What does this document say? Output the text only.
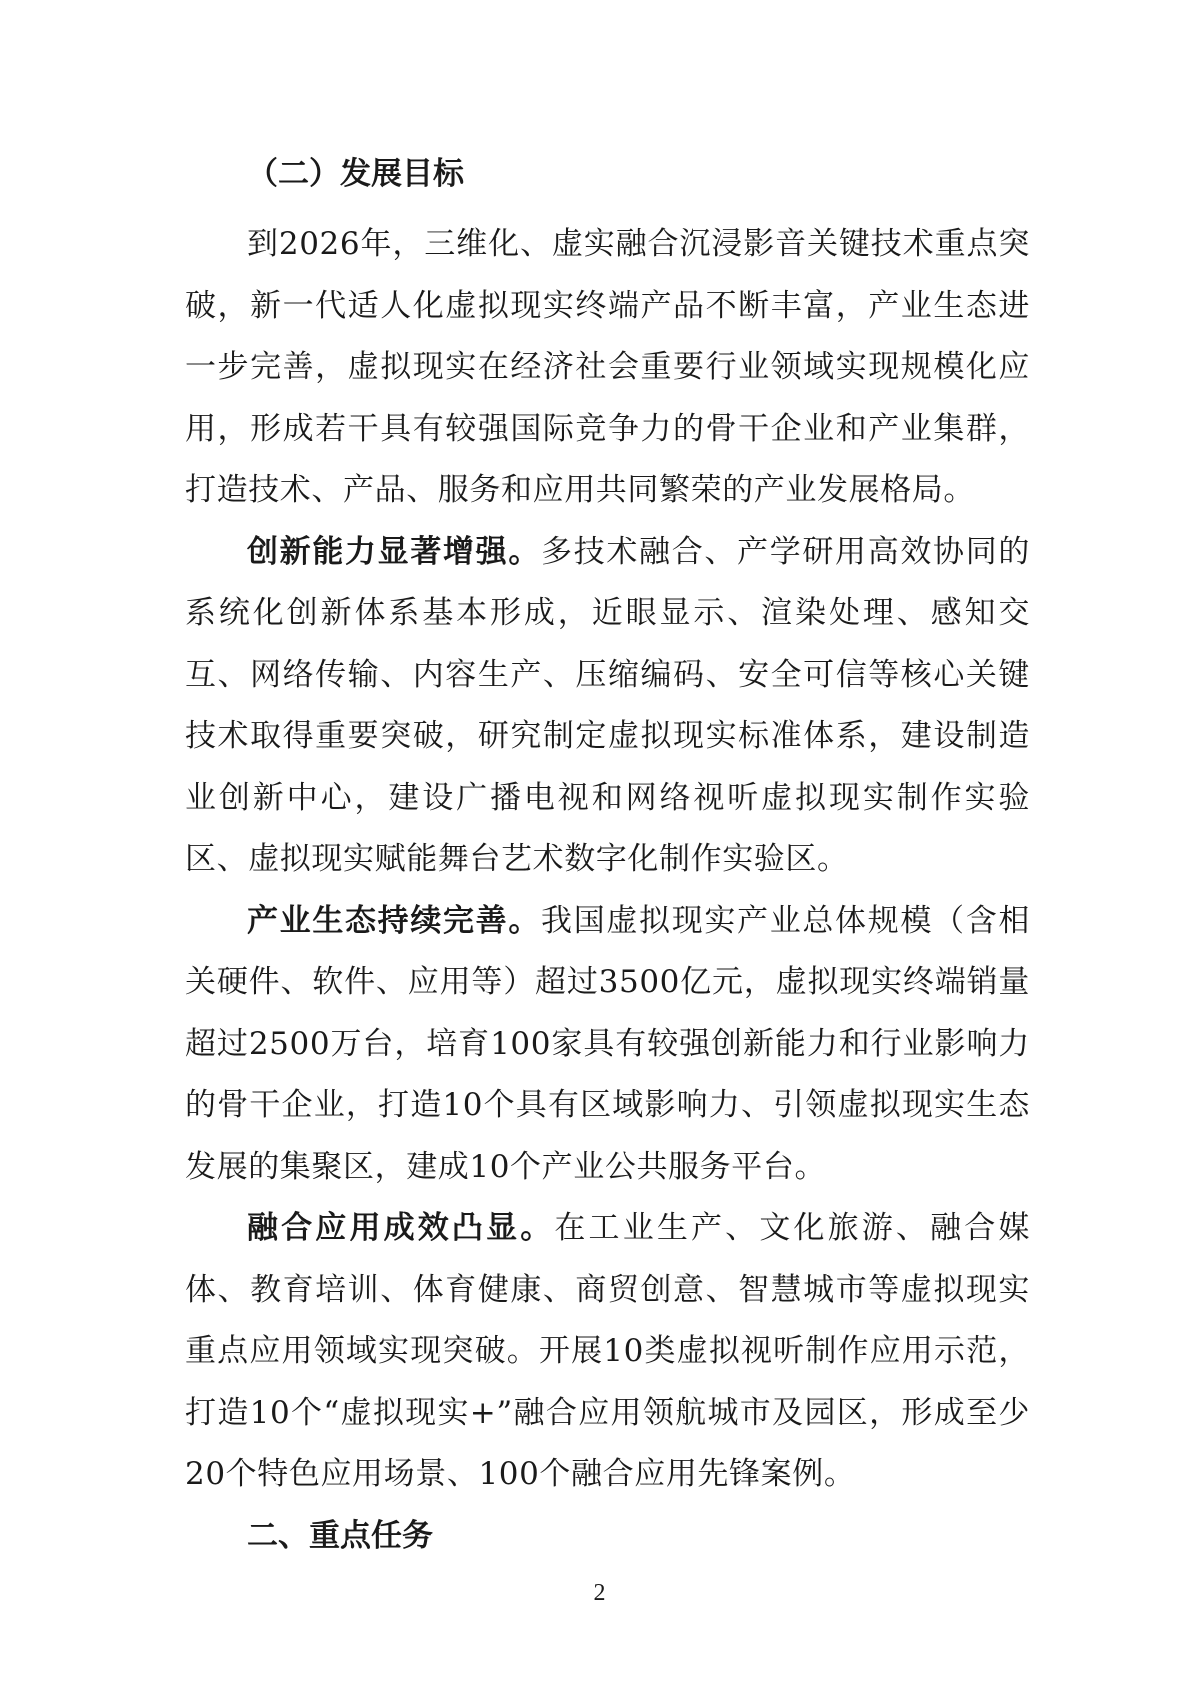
（二）发展目标

到2026年，三维化、虚实融合沉浸影音关键技术重点突破，新一代适人化虚拟现实终端产品不断丰富，产业生态进一步完善，虚拟现实在经济社会重要行业领域实现规模化应用，形成若干具有较强国际竞争力的骨干企业和产业集群，打造技术、产品、服务和应用共同繁荣的产业发展格局。

创新能力显著增强。多技术融合、产学研用高效协同的系统化创新体系基本形成，近眼显示、渲染处理、感知交互、网络传输、内容生产、压缩编码、安全可信等核心关键技术取得重要突破，研究制定虚拟现实标准体系，建设制造业创新中心，建设广播电视和网络视听虚拟现实制作实验区、虚拟现实赋能舞台艺术数字化制作实验区。

产业生态持续完善。我国虚拟现实产业总体规模（含相关硬件、软件、应用等）超过3500亿元，虚拟现实终端销量超过2500万台，培育100家具有较强创新能力和行业影响力的骨干企业，打造10个具有区域影响力、引领虚拟现实生态发展的集聚区，建成10个产业公共服务平台。

融合应用成效凸显。在工业生产、文化旅游、融合媒体、教育培训、体育健康、商贸创意、智慧城市等虚拟现实重点应用领域实现突破。开展10类虚拟视听制作应用示范，打造10个“虚拟现实+”融合应用领航城市及园区，形成至少20个特色应用场景、100个融合应用先锋案例。

二、重点任务
2
